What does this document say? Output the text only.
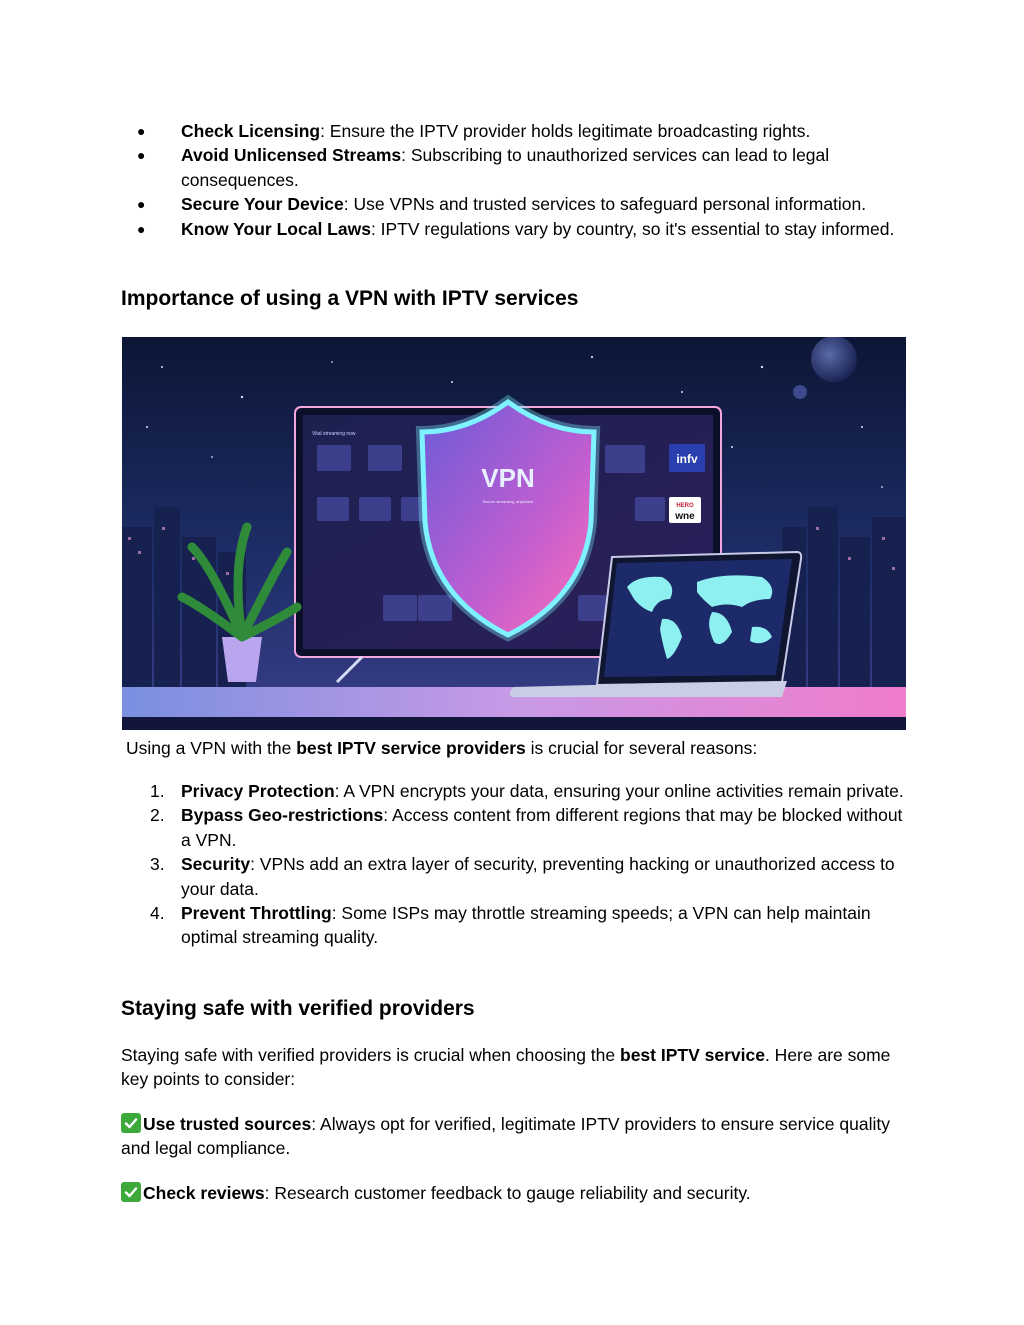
● Check Licensing: Ensure the IPTV provider holds legitimate broadcasting rights.
● Avoid Unlicensed Streams: Subscribing to unauthorized services can lead to legal consequences.
● Secure Your Device: Use VPNs and trusted services to safeguard personal information.
● Know Your Local Laws: IPTV regulations vary by country, so it's essential to stay informed.
Importance of using a VPN with IPTV services
Vital streaming now
infv
HERO
wne
VPN
Secure streaming, anywhere

Using a VPN with the best IPTV service providers is crucial for several reasons:

1. Privacy Protection: A VPN encrypts your data, ensuring your online activities remain private.
2. Bypass Geo-restrictions: Access content from different regions that may be blocked without a VPN.
3. Security: VPNs add an extra layer of security, preventing hacking or unauthorized access to your data.
4. Prevent Throttling: Some ISPs may throttle streaming speeds; a VPN can help maintain optimal streaming quality.
Staying safe with verified providers

Staying safe with verified providers is crucial when choosing the best IPTV service. Here are some key points to consider:

Use trusted sources: Always opt for verified, legitimate IPTV providers to ensure service quality and legal compliance.

Check reviews: Research customer feedback to gauge reliability and security.
